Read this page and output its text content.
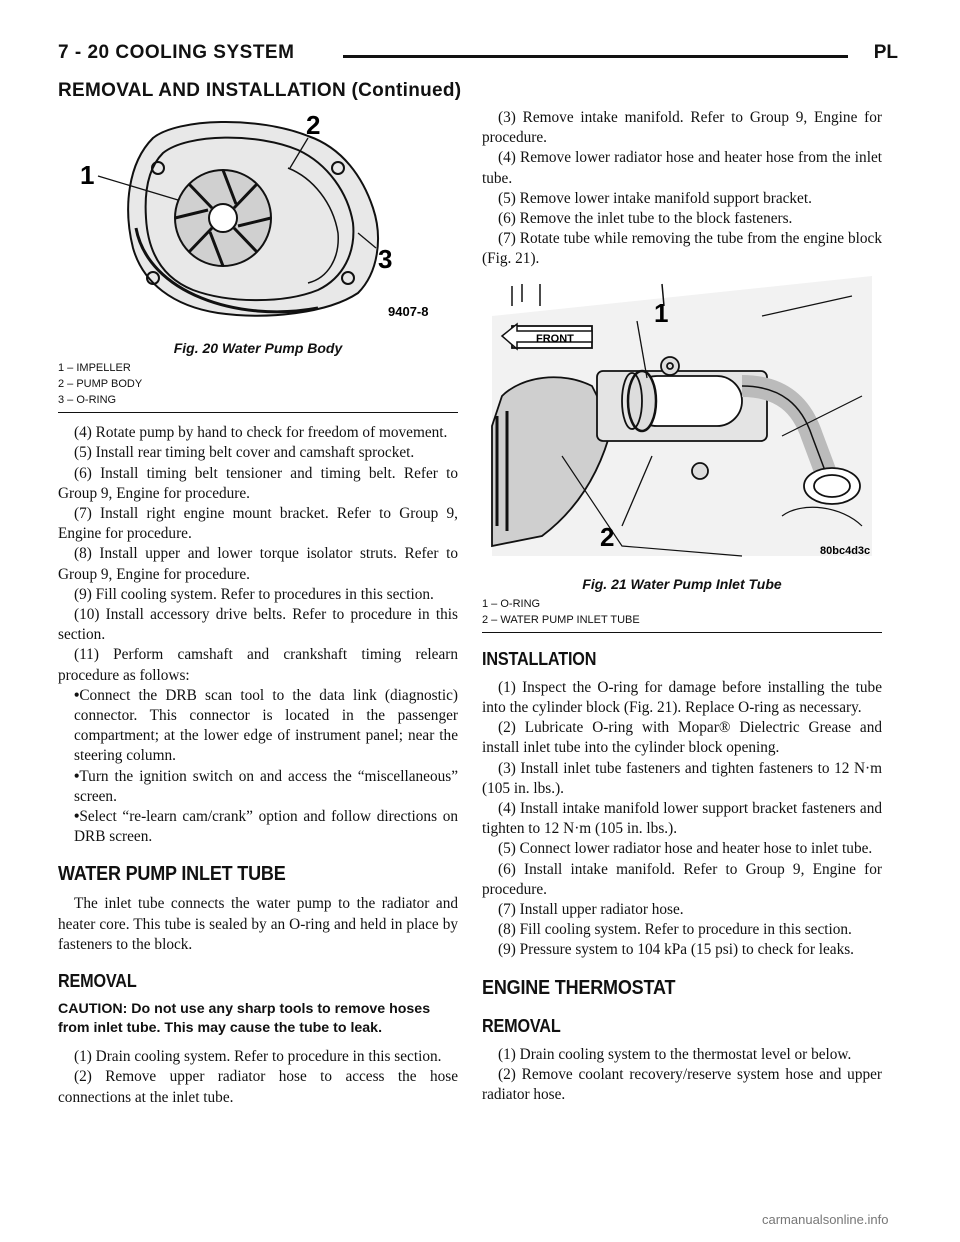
7 - 20 COOLING SYSTEM	PL
REMOVAL AND INSTALLATION (Continued)
1
2
3
9407-8
Fig. 20 Water Pump Body
1 – IMPELLER
2 – PUMP BODY
3 – O-RING

(4) Rotate pump by hand to check for freedom of movement.

(5) Install rear timing belt cover and camshaft sprocket.

(6) Install timing belt tensioner and timing belt. Refer to Group 9, Engine for procedure.

(7) Install right engine mount bracket. Refer to Group 9, Engine for procedure.

(8) Install upper and lower torque isolator struts. Refer to Group 9, Engine for procedure.

(9) Fill cooling system. Refer to procedures in this section.

(10) Install accessory drive belts. Refer to procedure in this section.

(11) Perform camshaft and crankshaft timing relearn procedure as follows:

•Connect the DRB scan tool to the data link (diagnostic) connector. This connector is located in the passenger compartment; at the lower edge of instrument panel; near the steering column.

•Turn the ignition switch on and access the “miscellaneous” screen.

•Select “re-learn cam/crank” option and follow directions on DRB screen.

WATER PUMP INLET TUBE

The inlet tube connects the water pump to the radiator and heater core. This tube is sealed by an O-ring and held in place by fasteners to the block.

REMOVAL

CAUTION: Do not use any sharp tools to remove hoses from inlet tube. This may cause the tube to leak.

(1) Drain cooling system. Refer to procedure in this section.

(2) Remove upper radiator hose to access the hose connections at the inlet tube.

(3) Remove intake manifold. Refer to Group 9, Engine for procedure.

(4) Remove lower radiator hose and heater hose from the inlet tube.

(5) Remove lower intake manifold support bracket.

(6) Remove the inlet tube to the block fasteners.

(7) Rotate tube while removing the tube from the engine block (Fig. 21).

FRONT
1
2	80bc4d3c
Fig. 21 Water Pump Inlet Tube
1 – O-RING
2 – WATER PUMP INLET TUBE
INSTALLATION

(1) Inspect the O-ring for damage before installing the tube into the cylinder block (Fig. 21). Replace O-ring as necessary.

(2) Lubricate O-ring with Mopar® Dielectric Grease and install inlet tube into the cylinder block opening.

(3) Install inlet tube fasteners and tighten fasteners to 12 N·m (105 in. lbs.).

(4) Install intake manifold lower support bracket fasteners and tighten to 12 N·m (105 in. lbs.).

(5) Connect lower radiator hose and heater hose to inlet tube.

(6) Install intake manifold. Refer to Group 9, Engine for procedure.

(7) Install upper radiator hose.

(8) Fill cooling system. Refer to procedure in this section.

(9) Pressure system to 104 kPa (15 psi) to check for leaks.

ENGINE THERMOSTAT
REMOVAL

(1) Drain cooling system to the thermostat level or below.

(2) Remove coolant recovery/reserve system hose and upper radiator hose.

carmanualsonline.info
